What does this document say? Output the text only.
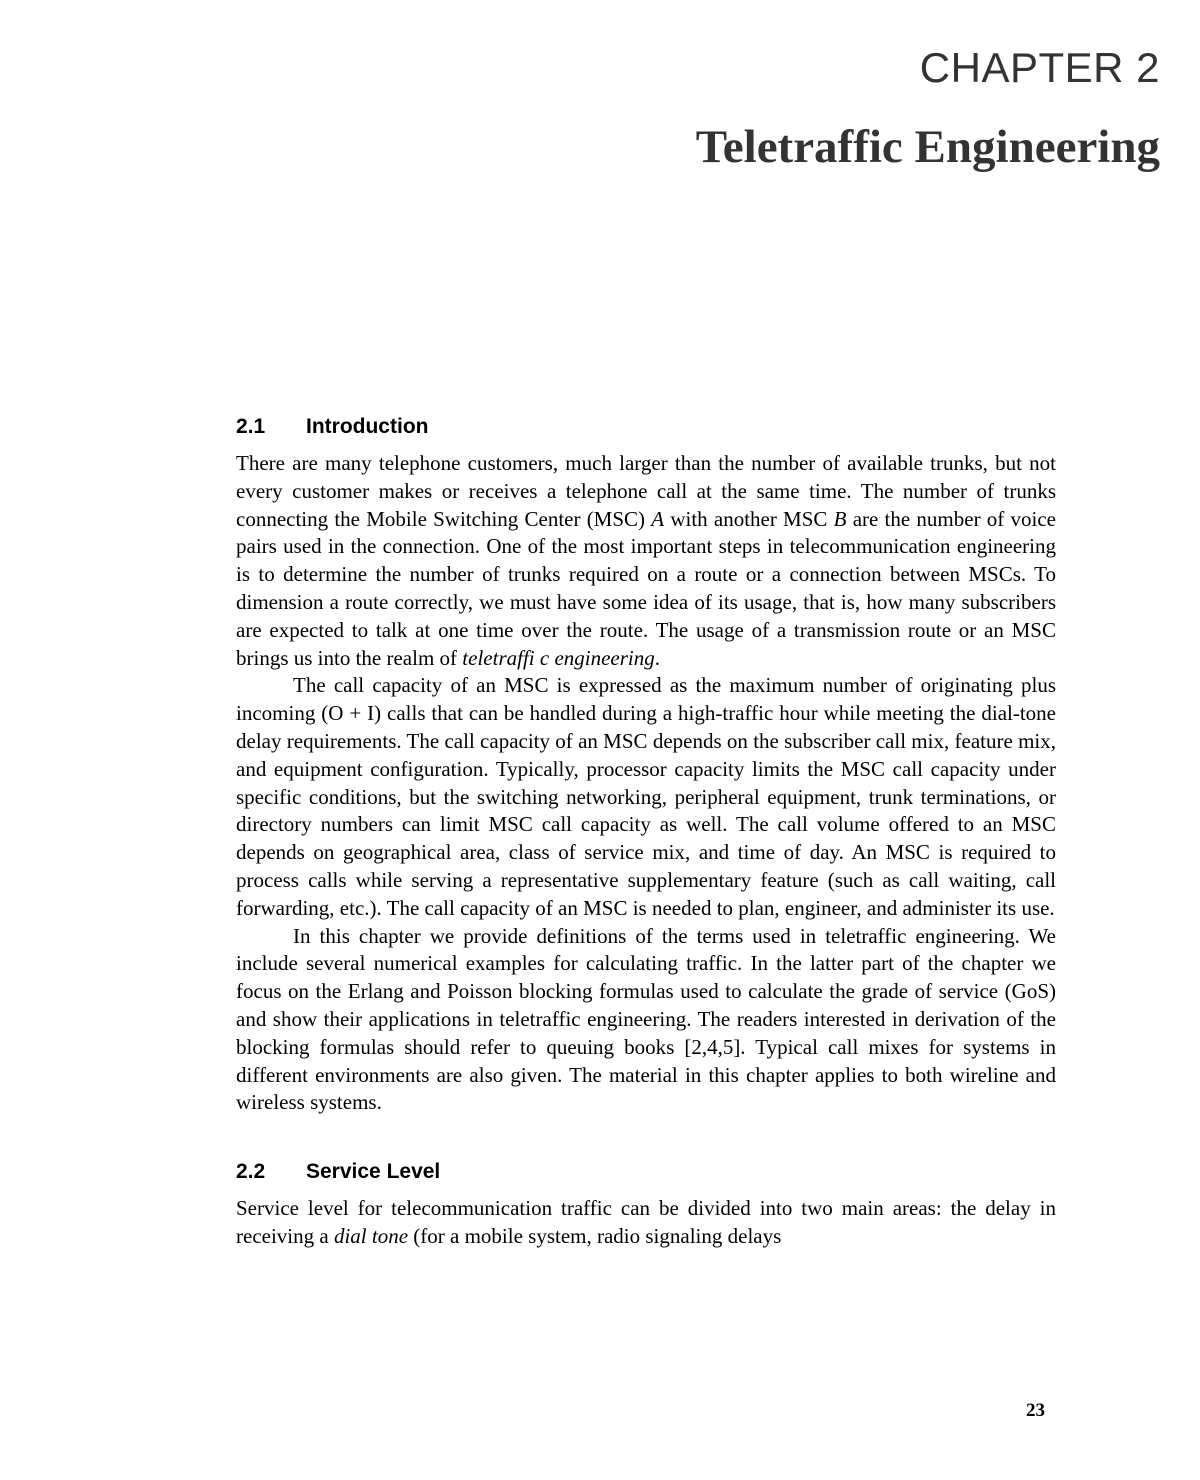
CHAPTER 2
Teletraffic Engineering
2.1	Introduction

There are many telephone customers, much larger than the number of available trunks, but not every customer makes or receives a telephone call at the same time. The number of trunks connecting the Mobile Switching Center (MSC) A with another MSC B are the number of voice pairs used in the connection. One of the most important steps in telecommunication engineering is to determine the number of trunks required on a route or a connection between MSCs. To dimension a route correctly, we must have some idea of its usage, that is, how many subscribers are expected to talk at one time over the route. The usage of a transmission route or an MSC brings us into the realm of teletraffi c engineering.

The call capacity of an MSC is expressed as the maximum number of originating plus incoming (O + I) calls that can be handled during a high-traffic hour while meeting the dial-tone delay requirements. The call capacity of an MSC depends on the subscriber call mix, feature mix, and equipment configuration. Typically, processor capacity limits the MSC call capacity under specific conditions, but the switching networking, peripheral equipment, trunk terminations, or directory numbers can limit MSC call capacity as well. The call volume offered to an MSC depends on geographical area, class of service mix, and time of day. An MSC is required to process calls while serving a representative supplementary feature (such as call waiting, call forwarding, etc.). The call capacity of an MSC is needed to plan, engineer, and administer its use.

In this chapter we provide definitions of the terms used in teletraffic engineering. We include several numerical examples for calculating traffic. In the latter part of the chapter we focus on the Erlang and Poisson blocking formulas used to calculate the grade of service (GoS) and show their applications in teletraffic engineering. The readers interested in derivation of the blocking formulas should refer to queuing books [2,4,5]. Typical call mixes for systems in different environments are also given. The material in this chapter applies to both wireline and wireless systems.

2.2	Service Level

Service level for telecommunication traffic can be divided into two main areas: the delay in receiving a dial tone (for a mobile system, radio signaling delays

23
